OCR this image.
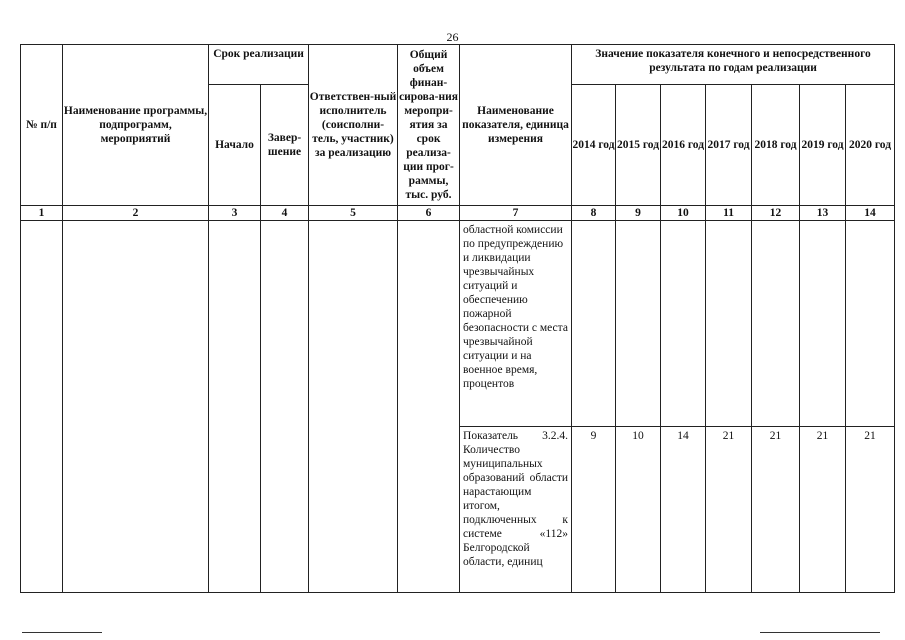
26
№ п/п	Наименование программы, подпрограмм, мероприятий	Срок реализации		Ответствен-ный исполнитель (соисполни-тель, участник) за реализацию	Общий объем финан-сирова-ния меропри-ятия за срок реализа-ции прог-раммы, тыс. руб.	Наименование показателя, единица измерения	Значение показателя конечного и непосредственного результата по годам реализации						
		Начало	Завер-шение				2014 год	2015 год	2016 год	2017 год	2018 год	2019 год	2020 год
1	2	3	4	5	6	7	8	9	10	11	12	13	14
						областной комиссии по предупреждению и ликвидации чрезвычайных ситуаций и обеспечению пожарной безопасности с места чрезвычайной ситуации и на военное время, процентов							
						Показатель 3.2.4. Количество муниципальных образований области нарастающим итогом, подключенных к системе «112» Белгородской области, единиц	9	10	14	21	21	21	21
